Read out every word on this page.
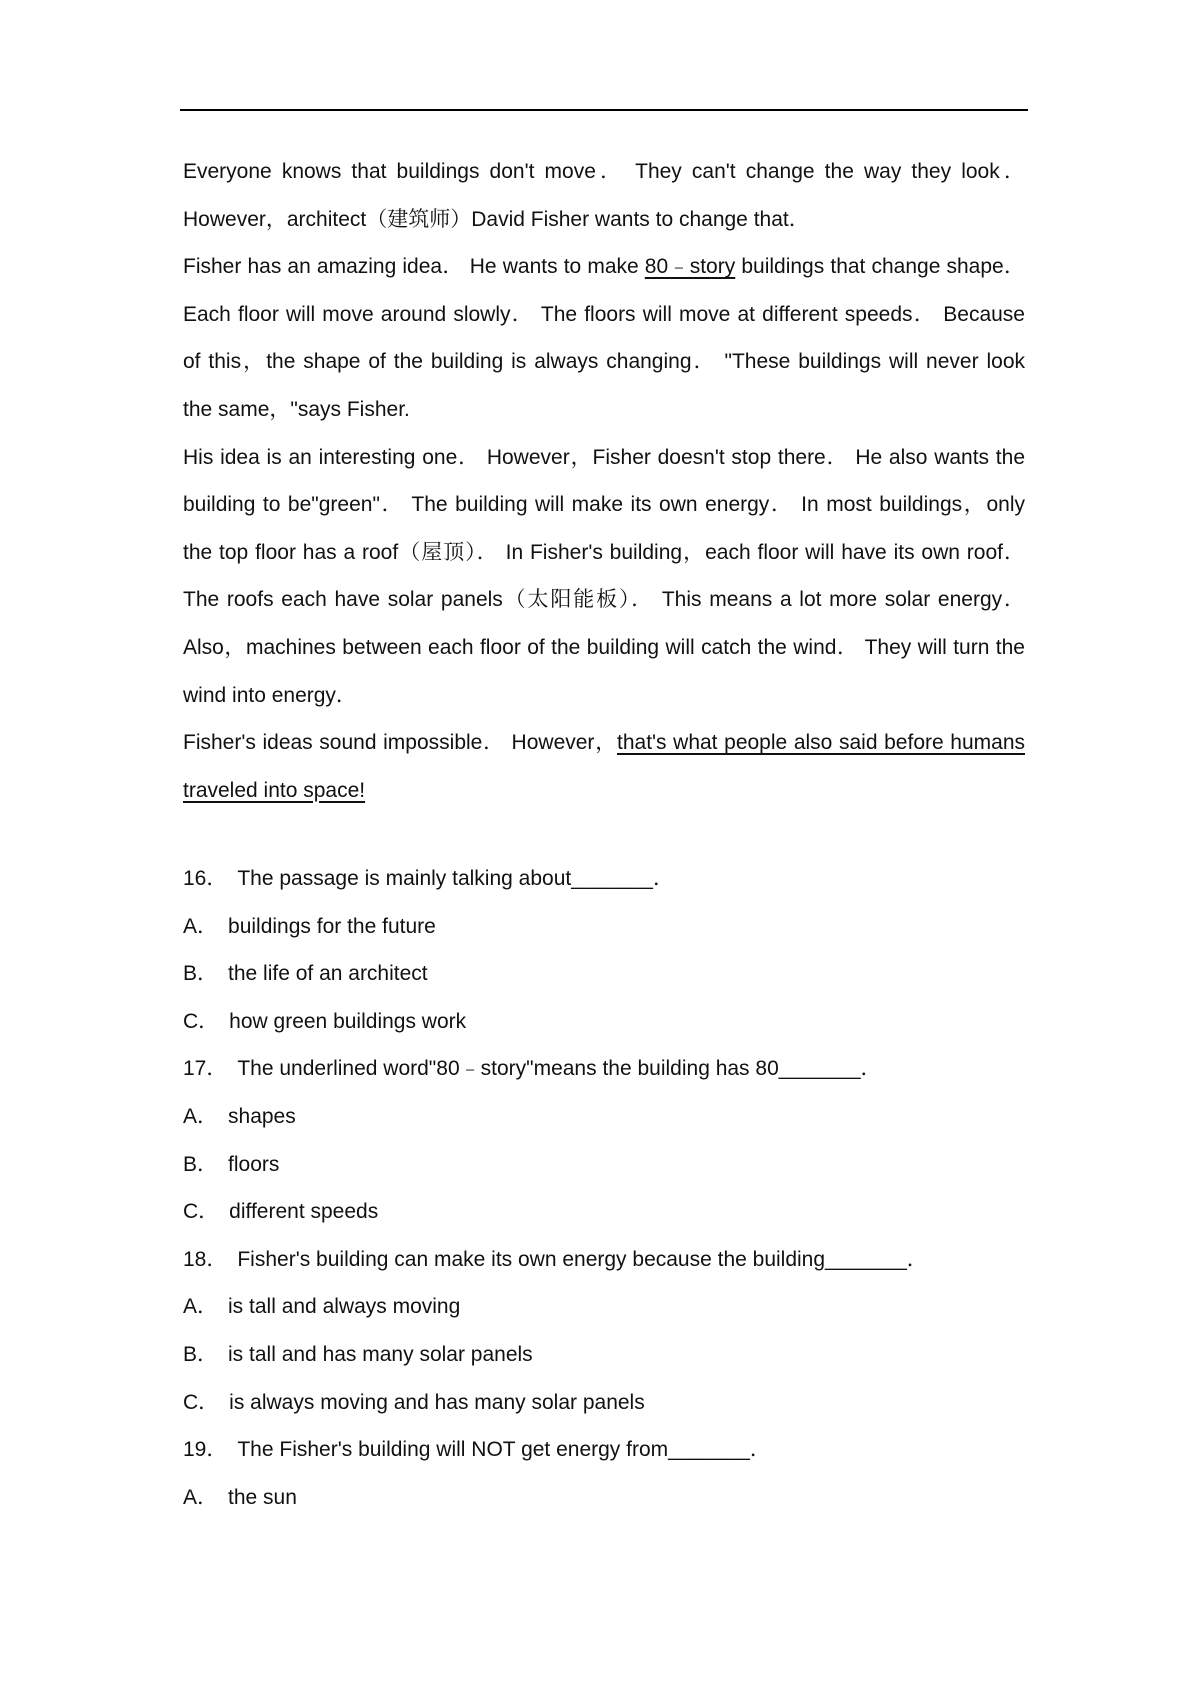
Everyone knows that buildings don't move． They can't change the way they look． However，architect（建筑师）David Fisher wants to change that．

Fisher has an amazing idea． He wants to make 80﹣story buildings that change shape． Each floor will move around slowly． The floors will move at different speeds． Because of this，the shape of the building is always changing． "These buildings will never look the same，"says Fisher.

His idea is an interesting one． However，Fisher doesn't stop there． He also wants the building to be"green"． The building will make its own energy． In most buildings，only the top floor has a roof（屋顶）． In Fisher's building，each floor will have its own roof． The roofs each have solar panels（太阳能板）． This means a lot more solar energy． Also，machines between each floor of the building will catch the wind． They will turn the wind into energy．

Fisher's ideas sound impossible． However，that's what people also said before humans traveled into space!

16． The passage is mainly talking about_______．

A． buildings for the future

B． the life of an architect

C． how green buildings work

17． The underlined word"80﹣story"means the building has 80_______．

A． shapes

B． floors

C． different speeds

18． Fisher's building can make its own energy because the building_______．

A． is tall and always moving

B． is tall and has many solar panels

C． is always moving and has many solar panels

19． The Fisher's building will NOT get energy from_______．

A． the sun
